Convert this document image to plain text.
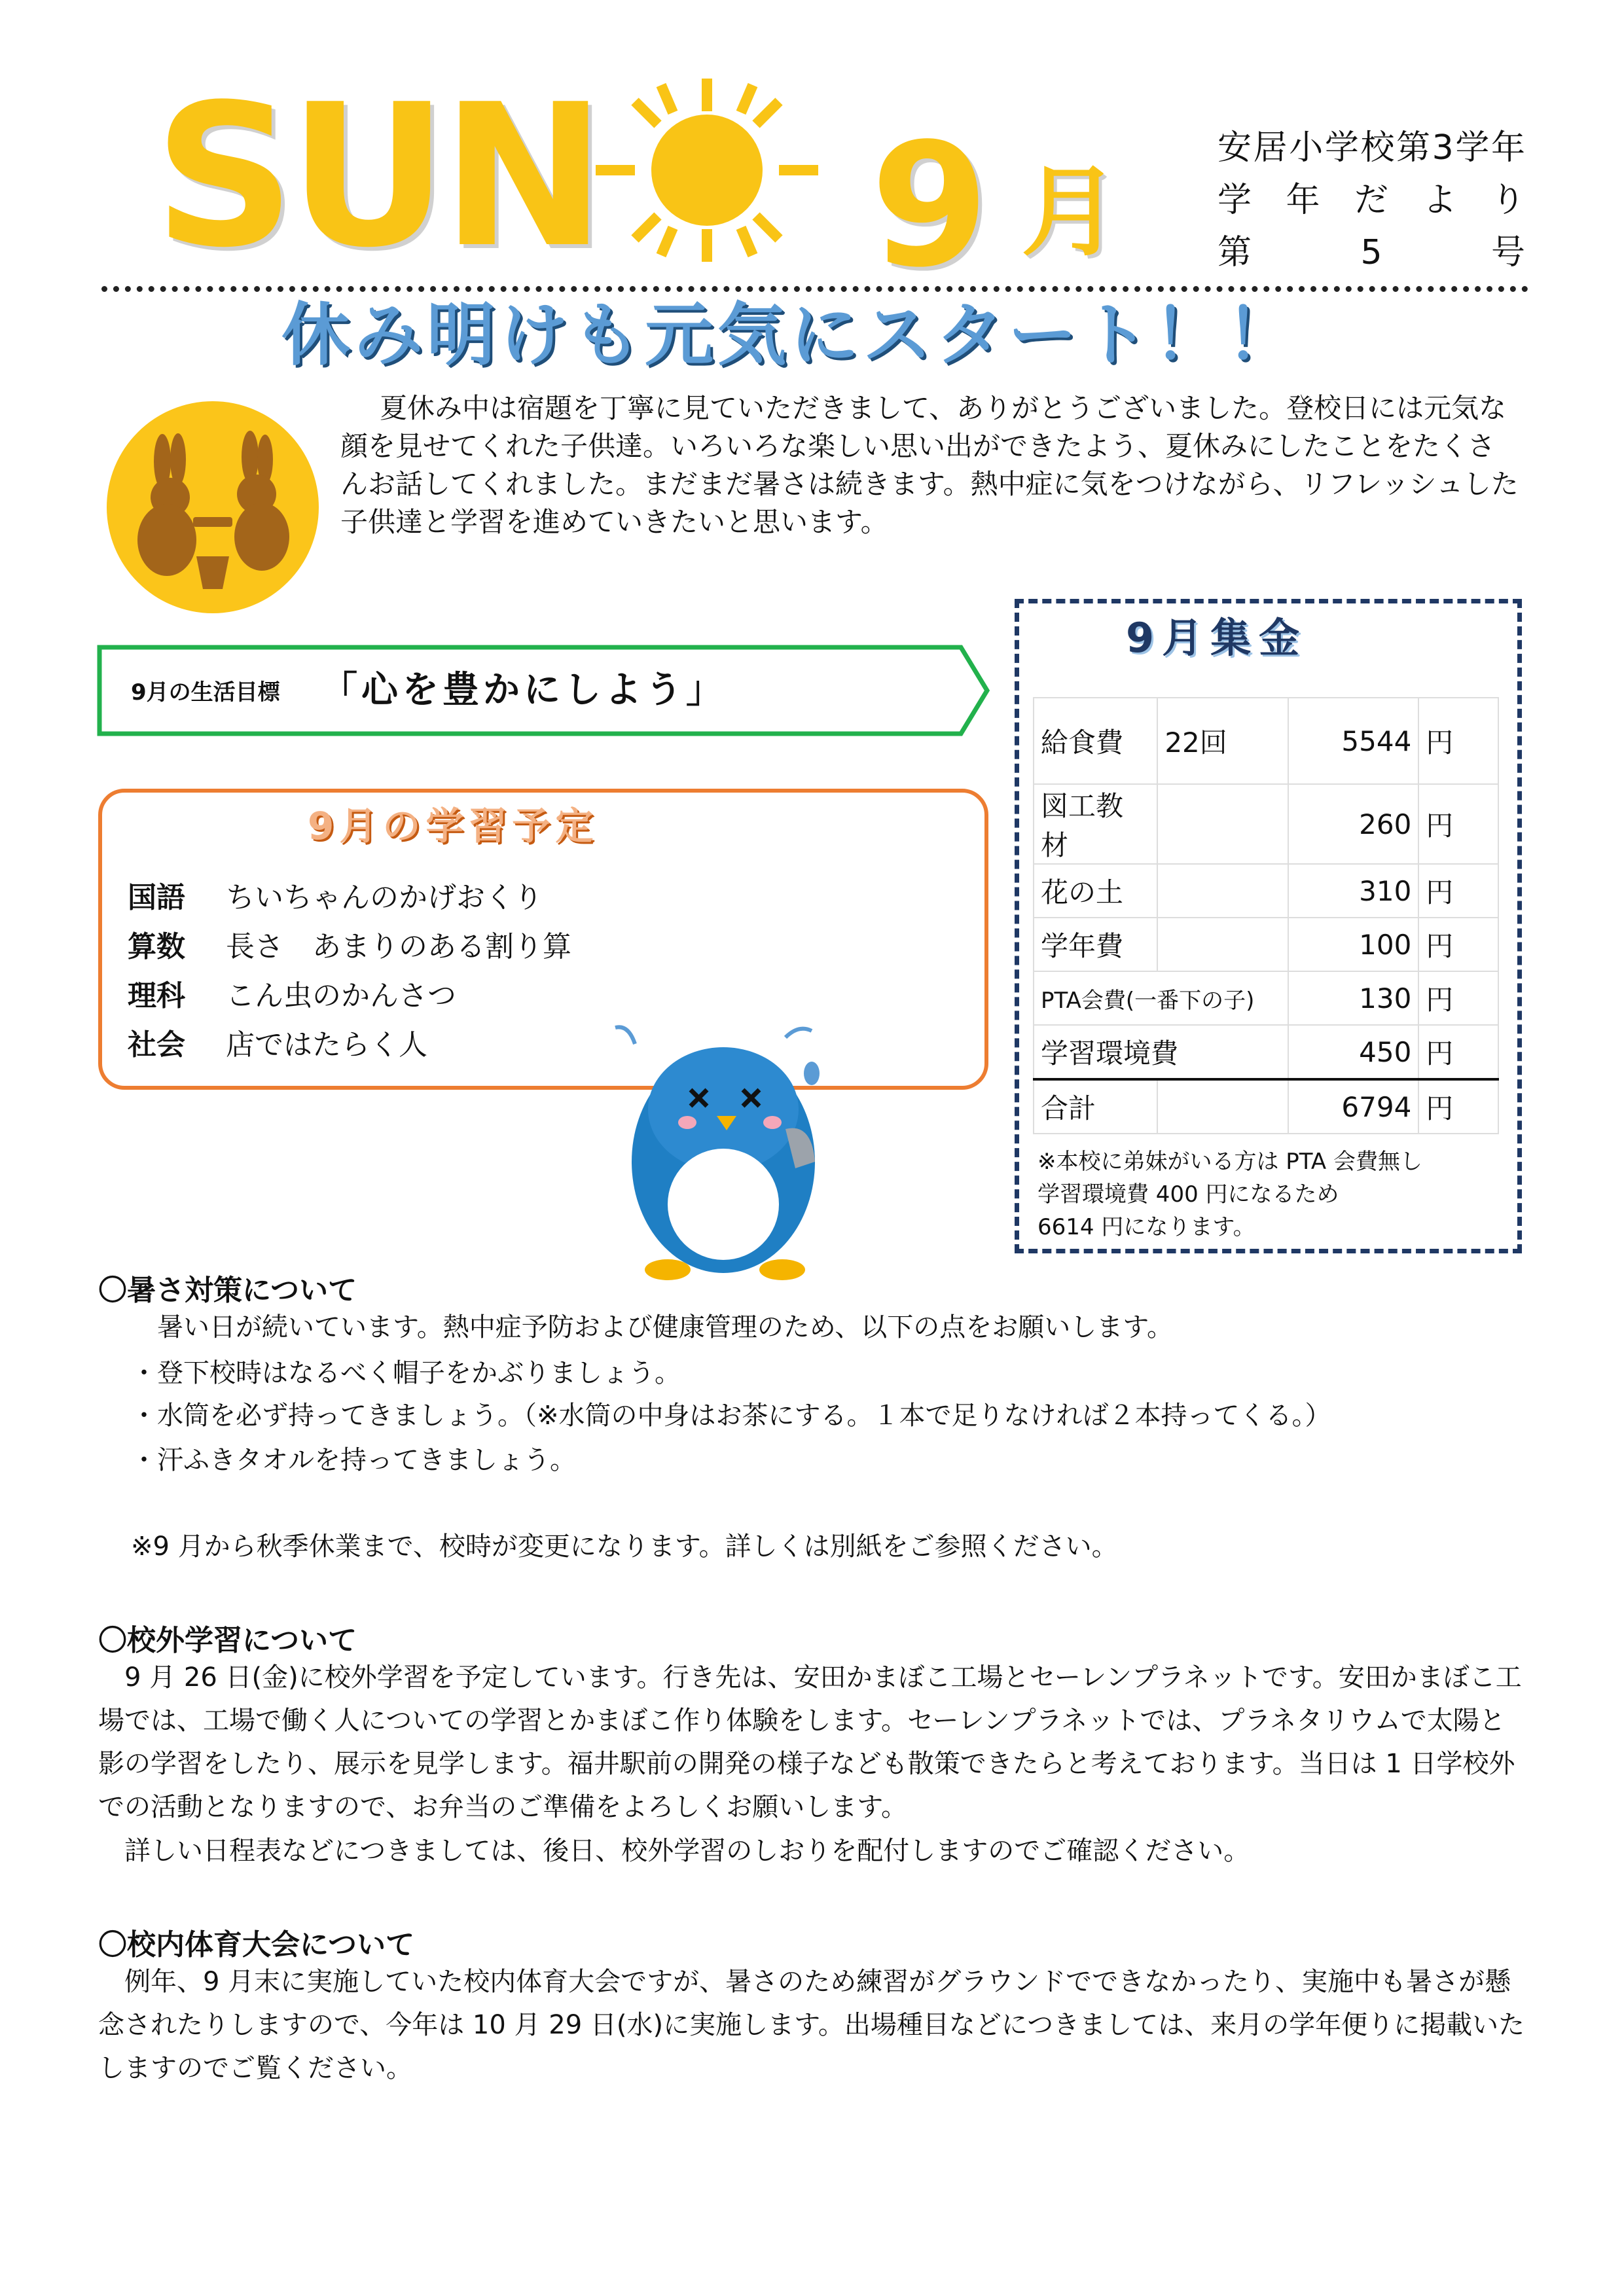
SUN 9 月
安 居 小 学 校 第 3 学 年
学 年 だ よ り
第	5	号
休み明けも元気にスタート！！
夏休み中は宿題を丁寧に見ていただきまして、ありがとうございました。登校日には元気な顔を見せてくれた子供達。いろいろな楽しい思い出ができたよう、夏休みにしたことをたくさんお話してくれました。まだまだ暑さは続きます。熱中症に気をつけながら、リフレッシュした子供達と学習を進めていきたいと思います。
9月の生活目標 「心を豊かにしよう」
9月の学習予定
国語	ちいちゃんのかげおくり
算数	長さ　あまりのある割り算
理科	こん虫のかんさつ
社会	店ではたらく人
9月集金
給食費	22回	5544	円
図工教材		260	円
花の土		310	円
学年費		100	円
PTA会費(一番下の子)		130	円
学習環境費		450	円
合計		6794	円
※本校に弟妹がいる方は PTA 会費無し
学習環境費 400 円になるため
6614 円になります。
〇暑さ対策について
　暑い日が続いています。熱中症予防および健康管理のため、以下の点をお願いします。
・登下校時はなるべく帽子をかぶりましょう。
・水筒を必ず持ってきましょう。（※水筒の中身はお茶にする。１本で足りなければ２本持ってくる。）
・汗ふきタオルを持ってきましょう。
※9 月から秋季休業まで、校時が変更になります。詳しくは別紙をご参照ください。
〇校外学習について
9 月 26 日(金)に校外学習を予定しています。行き先は、安田かまぼこ工場とセーレンプラネットです。安田かまぼこ工場では、工場で働く人についての学習とかまぼこ作り体験をします。セーレンプラネットでは、プラネタリウムで太陽と影の学習をしたり、展示を見学します。福井駅前の開発の様子なども散策できたらと考えております。当日は 1 日学校外での活動となりますので、お弁当のご準備をよろしくお願いします。
詳しい日程表などにつきましては、後日、校外学習のしおりを配付しますのでご確認ください。
〇校内体育大会について
例年、9 月末に実施していた校内体育大会ですが、暑さのため練習がグラウンドでできなかったり、実施中も暑さが懸念されたりしますので、今年は 10 月 29 日(水)に実施します。出場種目などにつきましては、来月の学年便りに掲載いたしますのでご覧ください。
